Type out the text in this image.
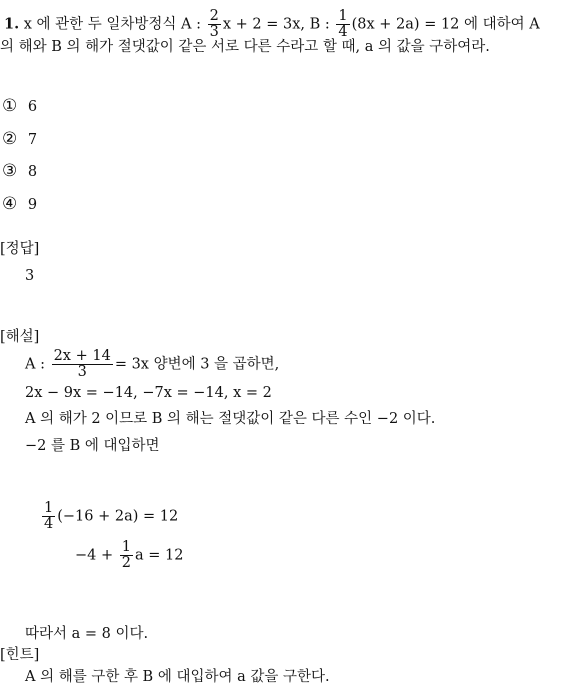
1. x 에 관한 두 일차방정식 A : $\frac{2}{3}$ x + 2 = 3x, B : $\frac{1}{4} (8x + 2a) = 12$ 에 대하여 A
의 해와 B 의 해가 절댓값이 같은 서로 다른 수라고 할 때, a 의 값을 구하여라.
① 6
② 7
③ 8
④ 9
[정답]
3
[해설]
A : $\frac{2x + 14}{3} = 3x$ 양변에 3 을 곱하면,
2x − 9x = −14, −7x = −14, x = 2
A 의 해가 2 이므로 B 의 해는 절댓값이 같은 다른 수인 −2 이다.
−2 를 B 에 대입하면
$\frac{1}{4} (-16 + 2a) = 12$
$-4 + \frac{1}{2}$ a = 12
따라서 a = 8 이다.
[힌트]
A 의 해를 구한 후 B 에 대입하여 a 값을 구한다.
